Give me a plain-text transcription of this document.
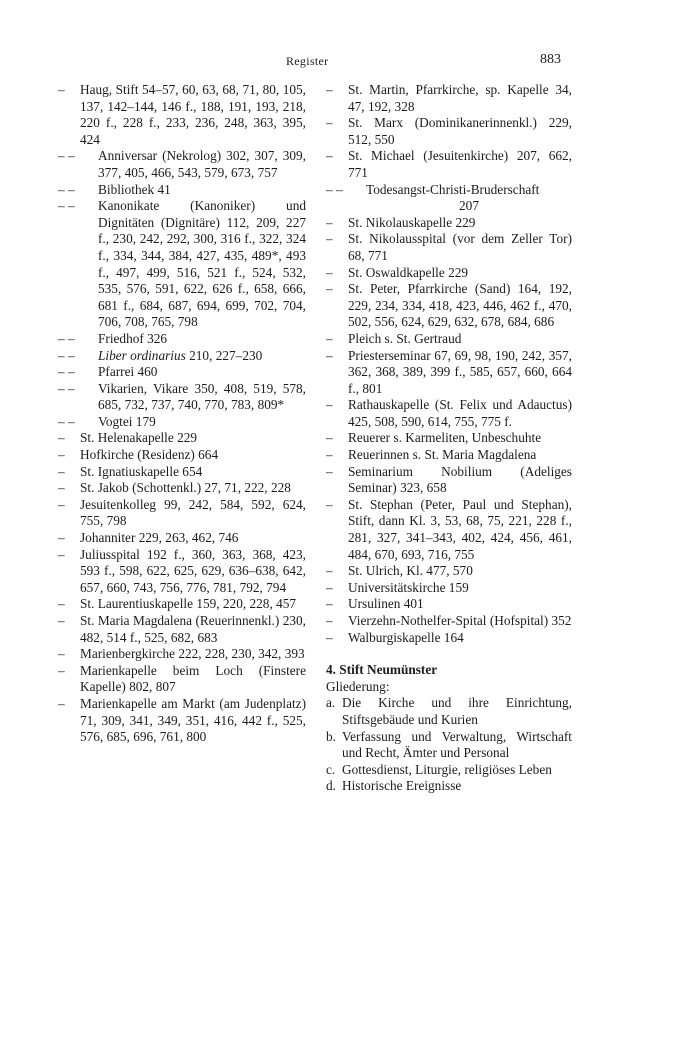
Register	883
– Haug, Stift 54–57, 60, 63, 68, 71, 80, 105, 137, 142–144, 146 f., 188, 191, 193, 218, 220 f., 228 f., 233, 236, 248, 363, 395, 424
– – Anniversar (Nekrolog) 302, 307, 309, 377, 405, 466, 543, 579, 673, 757
– – Bibliothek 41
– – Kanonikate (Kanoniker) und Dignitäten (Dignitäre) 112, 209, 227 f., 230, 242, 292, 300, 316 f., 322, 324 f., 334, 344, 384, 427, 435, 489*, 493 f., 497, 499, 516, 521 f., 524, 532, 535, 576, 591, 622, 626 f., 658, 666, 681 f., 684, 687, 694, 699, 702, 704, 706, 708, 765, 798
– – Friedhof 326
– – Liber ordinarius 210, 227–230
– – Pfarrei 460
– – Vikarien, Vikare 350, 408, 519, 578, 685, 732, 737, 740, 770, 783, 809*
– – Vogtei 179
– St. Helenakapelle 229
– Hofkirche (Residenz) 664
– St. Ignatiuskapelle 654
– St. Jakob (Schottenkl.) 27, 71, 222, 228
– Jesuitenkolleg 99, 242, 584, 592, 624, 755, 798
– Johanniter 229, 263, 462, 746
– Juliusspital 192 f., 360, 363, 368, 423, 593 f., 598, 622, 625, 629, 636–638, 642, 657, 660, 743, 756, 776, 781, 792, 794
– St. Laurentiuskapelle 159, 220, 228, 457
– St. Maria Magdalena (Reuerinnenkl.) 230, 482, 514 f., 525, 682, 683
– Marienbergkirche 222, 228, 230, 342, 393
– Marienkapelle beim Loch (Finstere Kapelle) 802, 807
– Marienkapelle am Markt (am Judenplatz) 71, 309, 341, 349, 351, 416, 442 f., 525, 576, 685, 696, 761, 800
– St. Martin, Pfarrkirche, sp. Kapelle 34, 47, 192, 328
– St. Marx (Dominikanerinnenkl.) 229, 512, 550
– St. Michael (Jesuitenkirche) 207, 662, 771
– – Todesangst-Christi-Bruderschaft
207
– St. Nikolauskapelle 229
– St. Nikolausspital (vor dem Zeller Tor) 68, 771
– St. Oswaldkapelle 229
– St. Peter, Pfarrkirche (Sand) 164, 192, 229, 234, 334, 418, 423, 446, 462 f., 470, 502, 556, 624, 629, 632, 678, 684, 686
– Pleich s. St. Gertraud
– Priesterseminar 67, 69, 98, 190, 242, 357, 362, 368, 389, 399 f., 585, 657, 660, 664 f., 801
– Rathauskapelle (St. Felix und Adauctus) 425, 508, 590, 614, 755, 775 f.
– Reuerer s. Karmeliten, Unbeschuhte
– Reuerinnen s. St. Maria Magdalena
– Seminarium Nobilium (Adeliges Seminar) 323, 658
– St. Stephan (Peter, Paul und Stephan), Stift, dann Kl. 3, 53, 68, 75, 221, 228 f., 281, 327, 341–343, 402, 424, 456, 461, 484, 670, 693, 716, 755
– St. Ulrich, Kl. 477, 570
– Universitätskirche 159
– Ursulinen 401
– Vierzehn-Nothelfer-Spital (Hofspital) 352
– Walburgiskapelle 164
4. Stift Neumünster
Gliederung:
a. Die Kirche und ihre Einrichtung, Stiftsgebäude und Kurien
b. Verfassung und Verwaltung, Wirtschaft und Recht, Ämter und Personal
c. Gottesdienst, Liturgie, religiöses Leben
d. Historische Ereignisse
